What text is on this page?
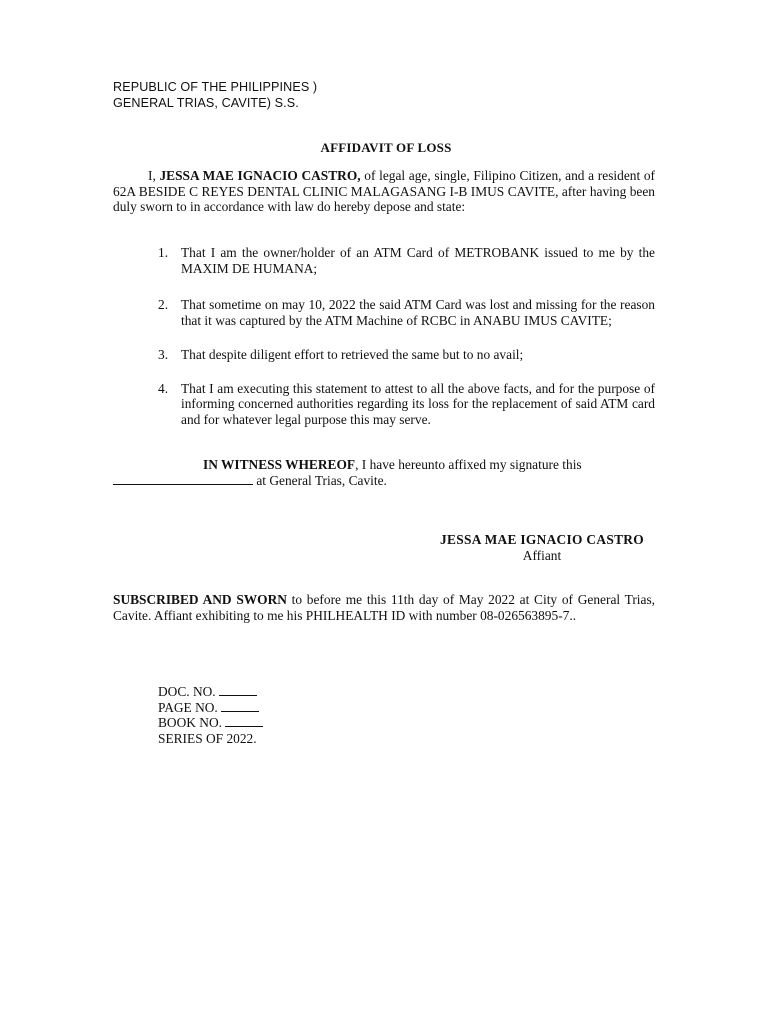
REPUBLIC OF THE PHILIPPINES )
GENERAL TRIAS, CAVITE) S.S.
AFFIDAVIT OF LOSS
I, JESSA MAE IGNACIO CASTRO, of legal age, single, Filipino Citizen, and a resident of 62A BESIDE C REYES DENTAL CLINIC MALAGASANG I-B IMUS CAVITE, after having been duly sworn to in accordance with law do hereby depose and state:
1. That I am the owner/holder of an ATM Card of METROBANK issued to me by the MAXIM DE HUMANA;
2. That sometime on may 10, 2022 the said ATM Card was lost and missing for the reason that it was captured by the ATM Machine of RCBC in ANABU IMUS CAVITE;
3. That despite diligent effort to retrieved the same but to no avail;
4. That I am executing this statement to attest to all the above facts, and for the purpose of informing concerned authorities regarding its loss for the replacement of said ATM card and for whatever legal purpose this may serve.
IN WITNESS WHEREOF, I have hereunto affixed my signature this
at General Trias, Cavite.
JESSA MAE IGNACIO CASTRO
Affiant
SUBSCRIBED AND SWORN to before me this 11th day of May 2022 at City of General Trias, Cavite. Affiant exhibiting to me his PHILHEALTH ID with number 08-026563895-7..
DOC. NO.
PAGE NO.
BOOK NO.
SERIES OF 2022.
